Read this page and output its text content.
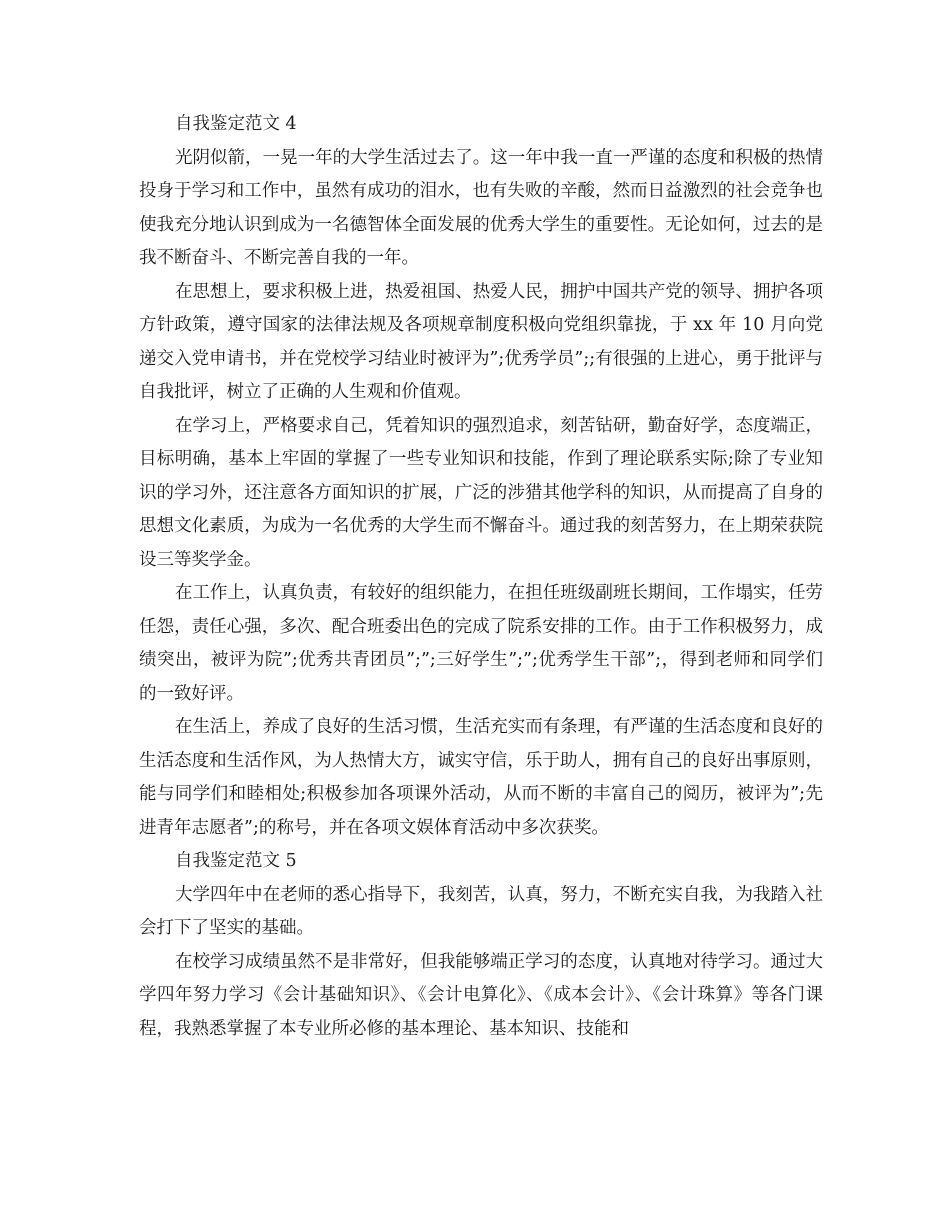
自我鉴定范文 4

光阴似箭，一晃一年的大学生活过去了。这一年中我一直一严谨的态度和积极的热情投身于学习和工作中，虽然有成功的泪水，也有失败的辛酸，然而日益激烈的社会竞争也使我充分地认识到成为一名德智体全面发展的优秀大学生的重要性。无论如何，过去的是我不断奋斗、不断完善自我的一年。

在思想上，要求积极上进，热爱祖国、热爱人民，拥护中国共产党的领导、拥护各项方针政策，遵守国家的法律法规及各项规章制度积极向党组织靠拢，于 xx 年 10 月向党递交入党申请书，并在党校学习结业时被评为”;优秀学员”;;有很强的上进心，勇于批评与自我批评，树立了正确的人生观和价值观。

在学习上，严格要求自己，凭着知识的强烈追求，刻苦钻研，勤奋好学，态度端正，目标明确，基本上牢固的掌握了一些专业知识和技能，作到了理论联系实际;除了专业知识的学习外，还注意各方面知识的扩展，广泛的涉猎其他学科的知识，从而提高了自身的思想文化素质，为成为一名优秀的大学生而不懈奋斗。通过我的刻苦努力，在上期荣获院设三等奖学金。

在工作上，认真负责，有较好的组织能力，在担任班级副班长期间，工作塌实，任劳任怨，责任心强，多次、配合班委出色的完成了院系安排的工作。由于工作积极努力，成绩突出，被评为院”;优秀共青团员”;”;三好学生”;”;优秀学生干部”;，得到老师和同学们的一致好评。

在生活上，养成了良好的生活习惯，生活充实而有条理，有严谨的生活态度和良好的生活态度和生活作风，为人热情大方，诚实守信，乐于助人，拥有自己的良好出事原则，能与同学们和睦相处;积极参加各项课外活动，从而不断的丰富自己的阅历，被评为”;先进青年志愿者”;的称号，并在各项文娱体育活动中多次获奖。

自我鉴定范文 5

大学四年中在老师的悉心指导下，我刻苦，认真，努力，不断充实自我，为我踏入社会打下了坚实的基础。

在校学习成绩虽然不是非常好，但我能够端正学习的态度，认真地对待学习。通过大学四年努力学习《会计基础知识》、《会计电算化》、《成本会计》、《会计珠算》等各门课程，我熟悉掌握了本专业所必修的基本理论、基本知识、技能和
